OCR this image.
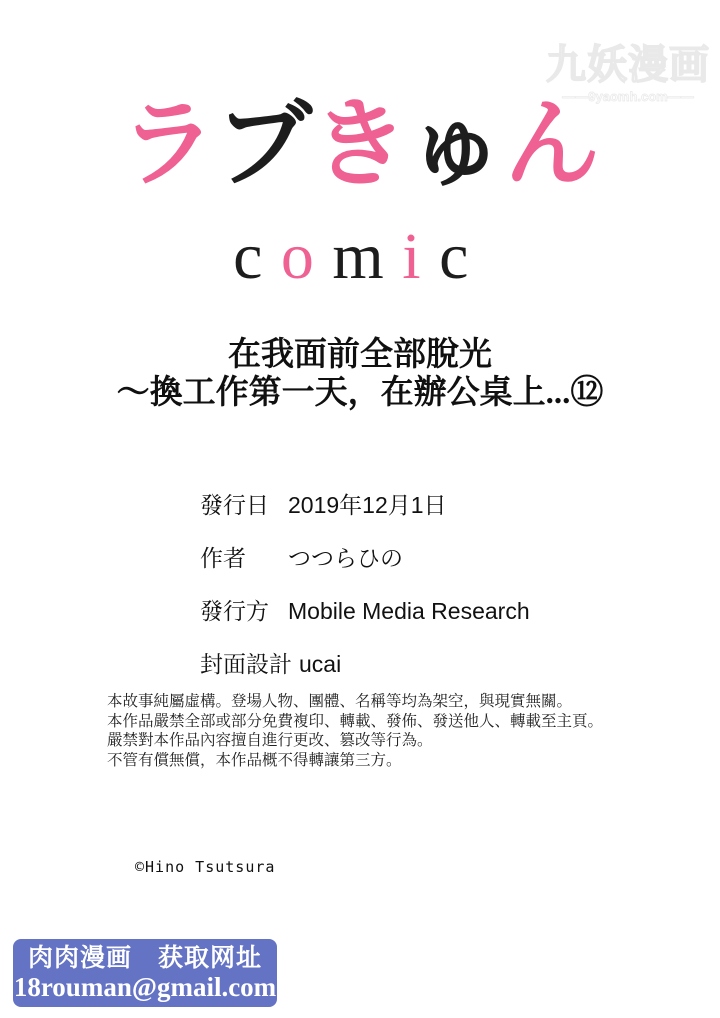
九妖漫画
——9yaomh.com——
ラブきゅん
comic
在我面前全部脫光
～換工作第一天，在辦公桌上...⑫
發行日 2019年12月1日
作者 つつらひの
發行方 Mobile Media Research
封面設計 ucai
本故事純屬虛構。登場人物、團體、名稱等均為架空，與現實無關。
本作品嚴禁全部或部分免費複印、轉載、發佈、發送他人、轉載至主頁。
嚴禁對本作品內容擅自進行更改、篡改等行為。
不管有償無償，本作品概不得轉讓第三方。
©Hino Tsutsura
肉肉漫画　获取网址
18rouman@gmail.com
